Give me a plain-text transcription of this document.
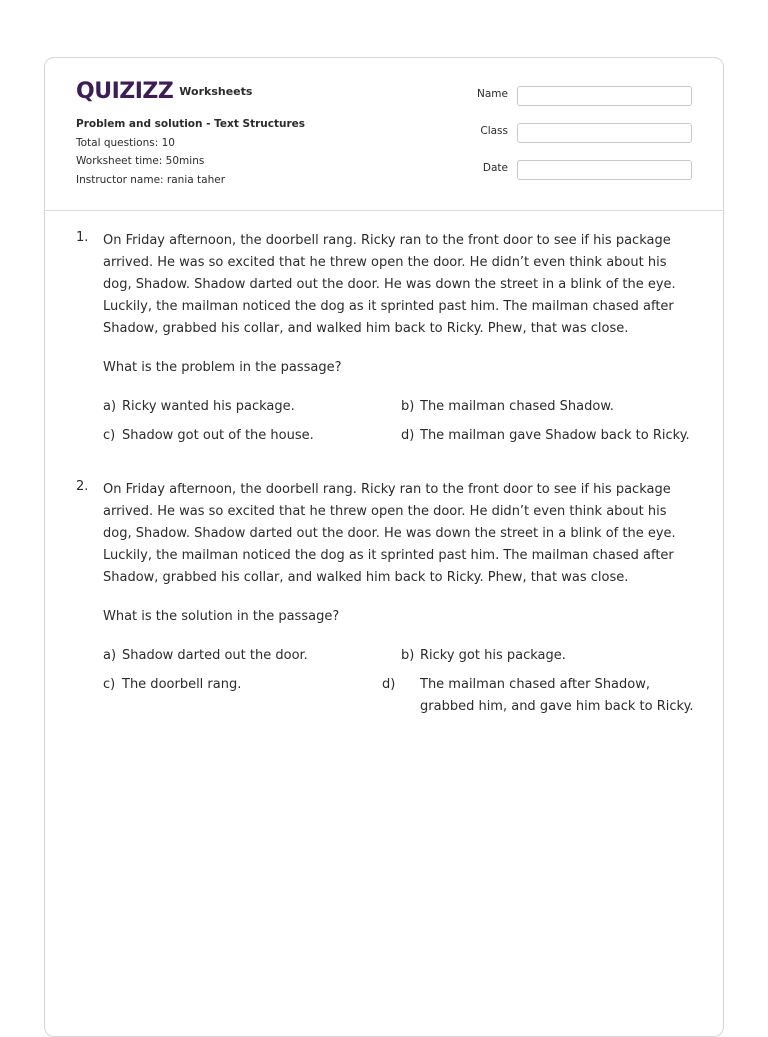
QUIZIZZ Worksheets
Problem and solution - Text Structures
Total questions: 10
Worksheet time: 50mins
Instructor name: rania taher
Name
Class
Date
1. On Friday afternoon, the doorbell rang. Ricky ran to the front door to see if his package arrived. He was so excited that he threw open the door. He didn’t even think about his dog, Shadow. Shadow darted out the door. He was down the street in a blink of the eye. Luckily, the mailman noticed the dog as it sprinted past him. The mailman chased after Shadow, grabbed his collar, and walked him back to Ricky. Phew, that was close.

What is the problem in the passage?
a) Ricky wanted his package.	b) The mailman chased Shadow.
c) Shadow got out of the house.	d) The mailman gave Shadow back to Ricky.
2. On Friday afternoon, the doorbell rang. Ricky ran to the front door to see if his package arrived. He was so excited that he threw open the door. He didn’t even think about his dog, Shadow. Shadow darted out the door. He was down the street in a blink of the eye. Luckily, the mailman noticed the dog as it sprinted past him. The mailman chased after Shadow, grabbed his collar, and walked him back to Ricky. Phew, that was close.

What is the solution in the passage?
a) Shadow darted out the door.	b) Ricky got his package.
c) The doorbell rang.	d) The mailman chased after Shadow, grabbed him, and gave him back to Ricky.
